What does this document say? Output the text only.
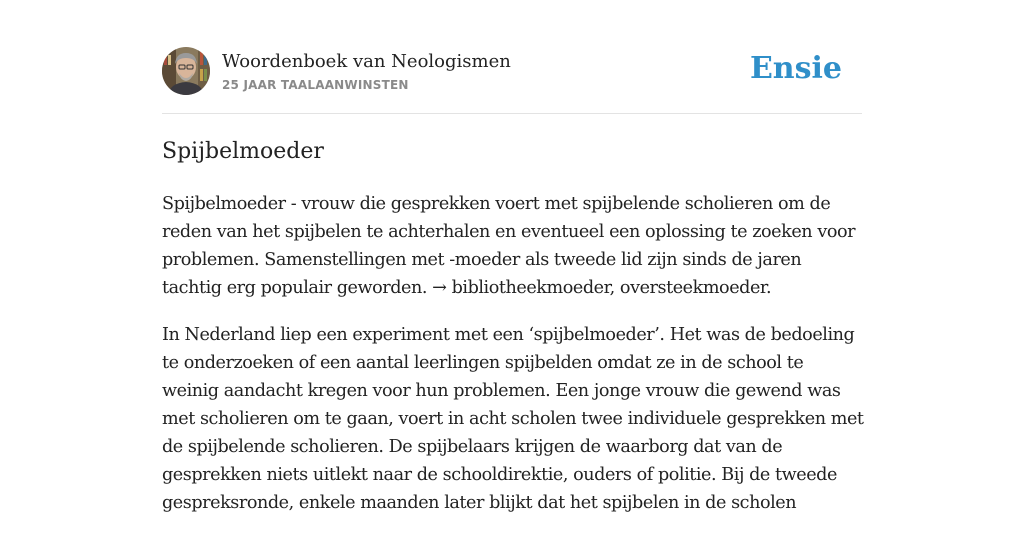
Woordenboek van Neologismen
25 JAAR TAALAANWINSTEN	Ensie
Spijbelmoeder

Spijbelmoeder - vrouw die gesprekken voert met spijbelende scholieren om de reden van het spijbelen te achterhalen en eventueel een oplossing te zoeken voor problemen. Samenstellingen met -moeder als tweede lid zijn sinds de jaren tachtig erg populair geworden. → bibliotheekmoeder, oversteekmoeder.

In Nederland liep een experiment met een ‘spijbelmoeder’. Het was de bedoeling te onderzoeken of een aantal leerlingen spijbelden omdat ze in de school te weinig aandacht kregen voor hun problemen. Een jonge vrouw die gewend was met scholieren om te gaan, voert in acht scholen twee individuele gesprekken met de spijbelende scholieren. De spijbelaars krijgen de waarborg dat van de gesprekken niets uitlekt naar de schooldirektie, ouders of politie. Bij de tweede gespreksronde, enkele maanden later blijkt dat het spijbelen in de scholen
